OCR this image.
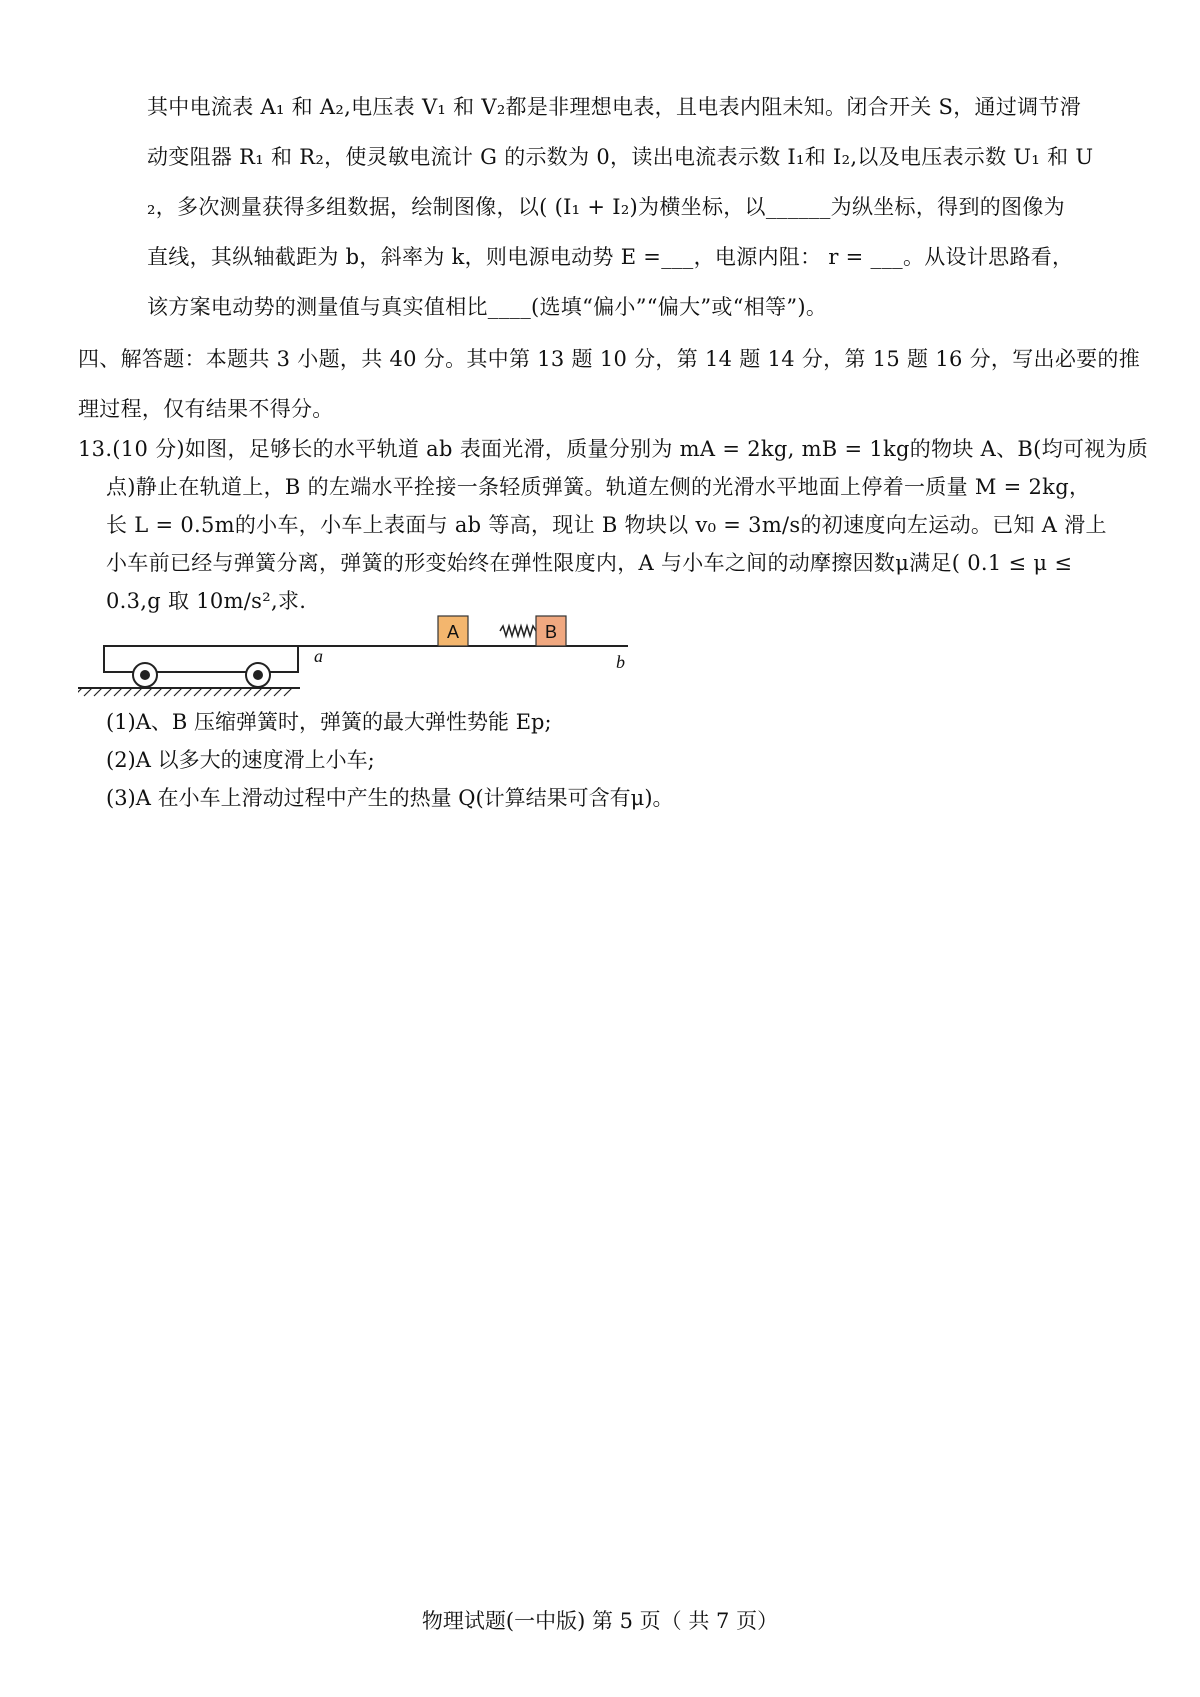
其中电流表 A₁ 和 A₂,电压表 V₁ 和 V₂都是非理想电表，且电表内阻未知。闭合开关 S，通过调节滑
动变阻器 R₁ 和 R₂，使灵敏电流计 G 的示数为 0，读出电流表示数 I₁和 I₂,以及电压表示数 U₁ 和 U
₂，多次测量获得多组数据，绘制图像，以( (I₁ + I₂)为横坐标，以______为纵坐标，得到的图像为
直线，其纵轴截距为 b，斜率为 k，则电源电动势 E =___，电源内阻： r = ___。从设计思路看，
该方案电动势的测量值与真实值相比____(选填“偏小”“偏大”或“相等”)。
四、解答题：本题共 3 小题，共 40 分。其中第 13 题 10 分，第 14 题 14 分，第 15 题 16 分，写出必要的推
理过程，仅有结果不得分。
13.(10 分)如图，足够长的水平轨道 ab 表面光滑，质量分别为 mA = 2kg, mB = 1kg的物块 A、B(均可视为质
点)静止在轨道上，B 的左端水平拴接一条轻质弹簧。轨道左侧的光滑水平地面上停着一质量 M = 2kg，
长 L = 0.5m的小车，小车上表面与 ab 等高，现让 B 物块以 v₀ = 3m/s的初速度向左运动。已知 A 滑上
小车前已经与弹簧分离，弹簧的形变始终在弹性限度内，A 与小车之间的动摩擦因数μ满足( 0.1 ≤ μ ≤
0.3,g 取 10m/s²,求.
A	B
a	b
(1)A、B 压缩弹簧时，弹簧的最大弹性势能 Ep;
(2)A 以多大的速度滑上小车;
(3)A 在小车上滑动过程中产生的热量 Q(计算结果可含有μ)。
物理试题(一中版) 第 5 页（ 共 7 页）
